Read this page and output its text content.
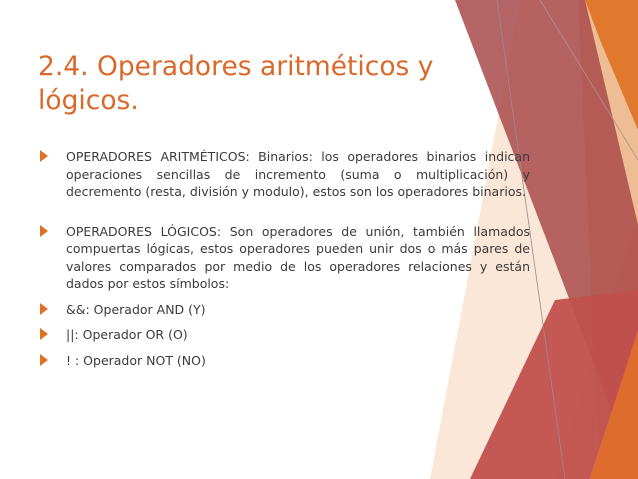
2.4. Operadores aritméticos y lógicos.
OPERADORES ARITMÉTICOS: Binarios: los operadores binarios indican operaciones sencillas de incremento (suma o multiplicación) y decremento (resta, división y modulo), estos son los operadores binarios.
OPERADORES LÓGICOS: Son operadores de unión, también llamados compuertas lógicas, estos operadores pueden unir dos o más pares de valores comparados por medio de los operadores relaciones y están dados por estos símbolos:
&&: Operador AND (Y)
||: Operador OR (O)
! : Operador NOT (NO)
